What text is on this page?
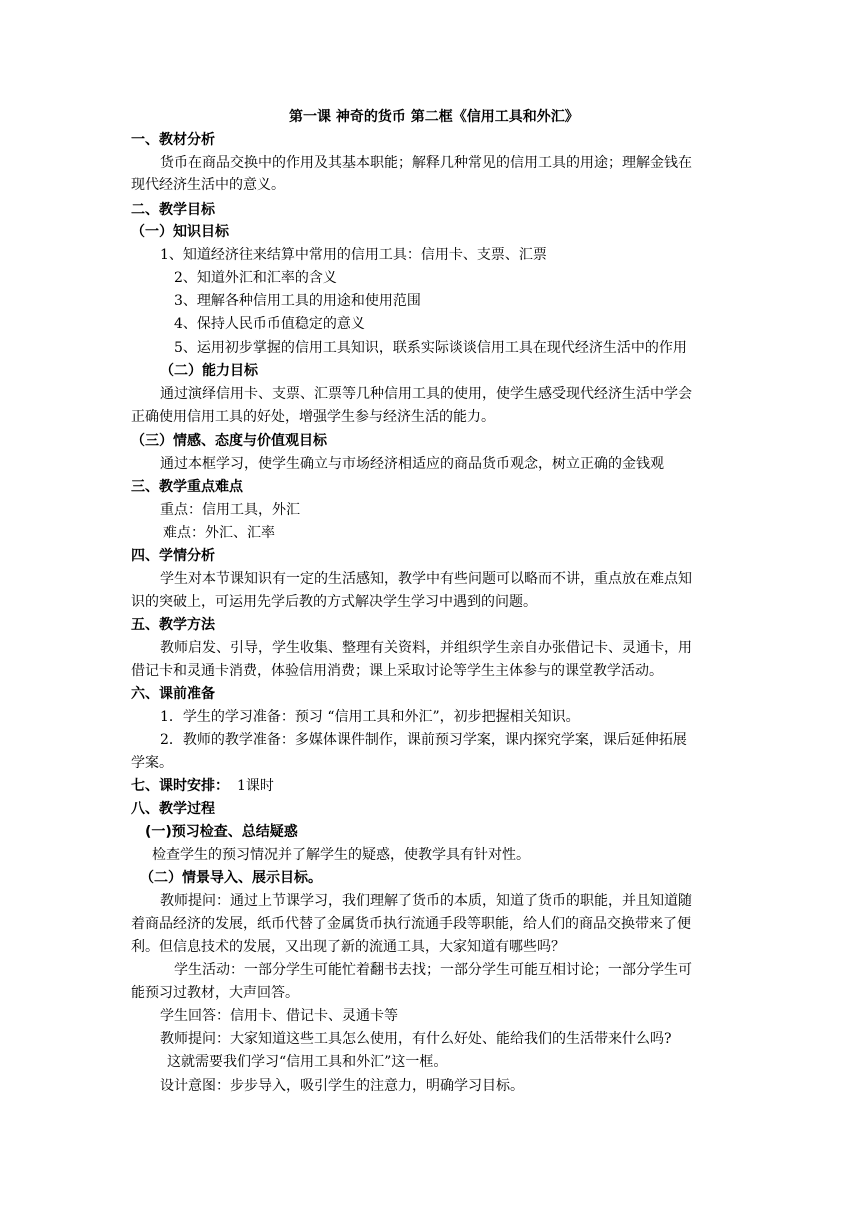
第一课 神奇的货币 第二框《信用工具和外汇》
一、教材分析
货币在商品交换中的作用及其基本职能；解释几种常见的信用工具的用途；理解金钱在
现代经济生活中的意义。
二、教学目标
（一）知识目标
1、知道经济往来结算中常用的信用工具：信用卡、支票、汇票
2、知道外汇和汇率的含义
3、理解各种信用工具的用途和使用范围
4、保持人民币币值稳定的意义
5、运用初步掌握的信用工具知识，联系实际谈谈信用工具在现代经济生活中的作用
（二）能力目标
通过演绎信用卡、支票、汇票等几种信用工具的使用，使学生感受现代经济生活中学会
正确使用信用工具的好处，增强学生参与经济生活的能力。
（三）情感、态度与价值观目标
通过本框学习，使学生确立与市场经济相适应的商品货币观念，树立正确的金钱观
三、教学重点难点
重点：信用工具，外汇
难点：外汇、汇率
四、学情分析
学生对本节课知识有一定的生活感知，教学中有些问题可以略而不讲，重点放在难点知
识的突破上，可运用先学后教的方式解决学生学习中遇到的问题。
五、教学方法
教师启发、引导，学生收集、整理有关资料，并组织学生亲自办张借记卡、灵通卡，用
借记卡和灵通卡消费，体验信用消费；课上采取讨论等学生主体参与的课堂教学活动。
六、课前准备
1．学生的学习准备：预习 “信用工具和外汇”，初步把握相关知识。
2．教师的教学准备：多媒体课件制作，课前预习学案，课内探究学案，课后延伸拓展
学案。
七、课时安排： 1课时
八、教学过程
(一)预习检查、总结疑惑
检查学生的预习情况并了解学生的疑惑，使教学具有针对性。
（二）情景导入、展示目标。
教师提问：通过上节课学习，我们理解了货币的本质，知道了货币的职能，并且知道随
着商品经济的发展，纸币代替了金属货币执行流通手段等职能，给人们的商品交换带来了便
利。但信息技术的发展，又出现了新的流通工具，大家知道有哪些吗？
学生活动：一部分学生可能忙着翻书去找；一部分学生可能互相讨论；一部分学生可
能预习过教材，大声回答。
学生回答：信用卡、借记卡、灵通卡等
教师提问：大家知道这些工具怎么使用，有什么好处、能给我们的生活带来什么吗?
这就需要我们学习“信用工具和外汇”这一框。
设计意图：步步导入，吸引学生的注意力，明确学习目标。
